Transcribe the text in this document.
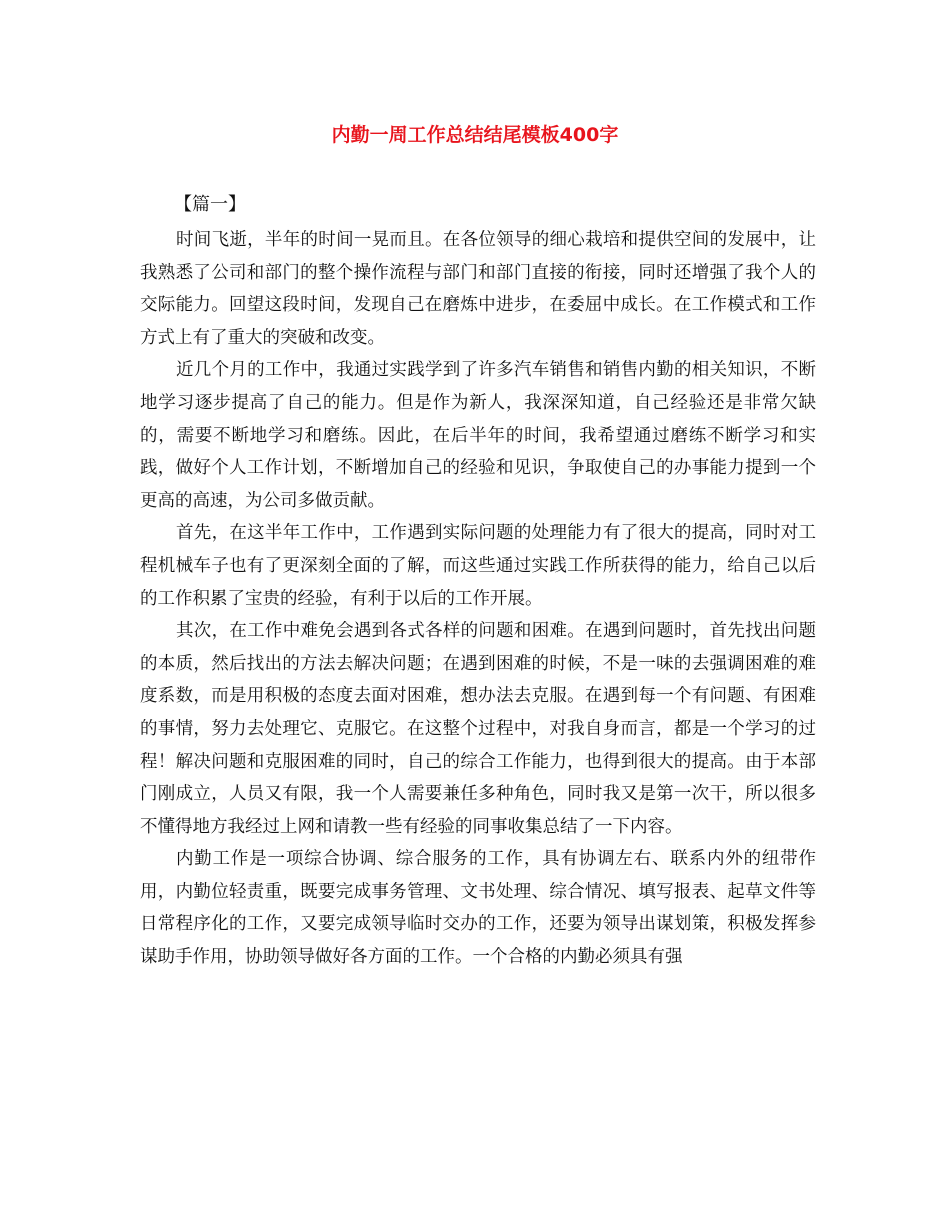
内勤一周工作总结结尾模板400字
【篇一】

时间飞逝，半年的时间一晃而且。在各位领导的细心栽培和提供空间的发展中，让我熟悉了公司和部门的整个操作流程与部门和部门直接的衔接，同时还增强了我个人的交际能力。回望这段时间，发现自己在磨炼中进步，在委屈中成长。在工作模式和工作方式上有了重大的突破和改变。

近几个月的工作中，我通过实践学到了许多汽车销售和销售内勤的相关知识，不断地学习逐步提高了自己的能力。但是作为新人，我深深知道，自己经验还是非常欠缺的，需要不断地学习和磨练。因此，在后半年的时间，我希望通过磨练不断学习和实践，做好个人工作计划，不断增加自己的经验和见识，争取使自己的办事能力提到一个更高的高速，为公司多做贡献。

首先，在这半年工作中，工作遇到实际问题的处理能力有了很大的提高，同时对工程机械车子也有了更深刻全面的了解，而这些通过实践工作所获得的能力，给自己以后的工作积累了宝贵的经验，有利于以后的工作开展。

其次，在工作中难免会遇到各式各样的问题和困难。在遇到问题时，首先找出问题的本质，然后找出的方法去解决问题；在遇到困难的时候，不是一味的去强调困难的难度系数，而是用积极的态度去面对困难，想办法去克服。在遇到每一个有问题、有困难的事情，努力去处理它、克服它。在这整个过程中，对我自身而言，都是一个学习的过程！解决问题和克服困难的同时，自己的综合工作能力，也得到很大的提高。由于本部门刚成立，人员又有限，我一个人需要兼任多种角色，同时我又是第一次干，所以很多不懂得地方我经过上网和请教一些有经验的同事收集总结了一下内容。

内勤工作是一项综合协调、综合服务的工作，具有协调左右、联系内外的纽带作用，内勤位轻责重，既要完成事务管理、文书处理、综合情况、填写报表、起草文件等日常程序化的工作，又要完成领导临时交办的工作，还要为领导出谋划策，积极发挥参谋助手作用，协助领导做好各方面的工作。一个合格的内勤必须具有强
